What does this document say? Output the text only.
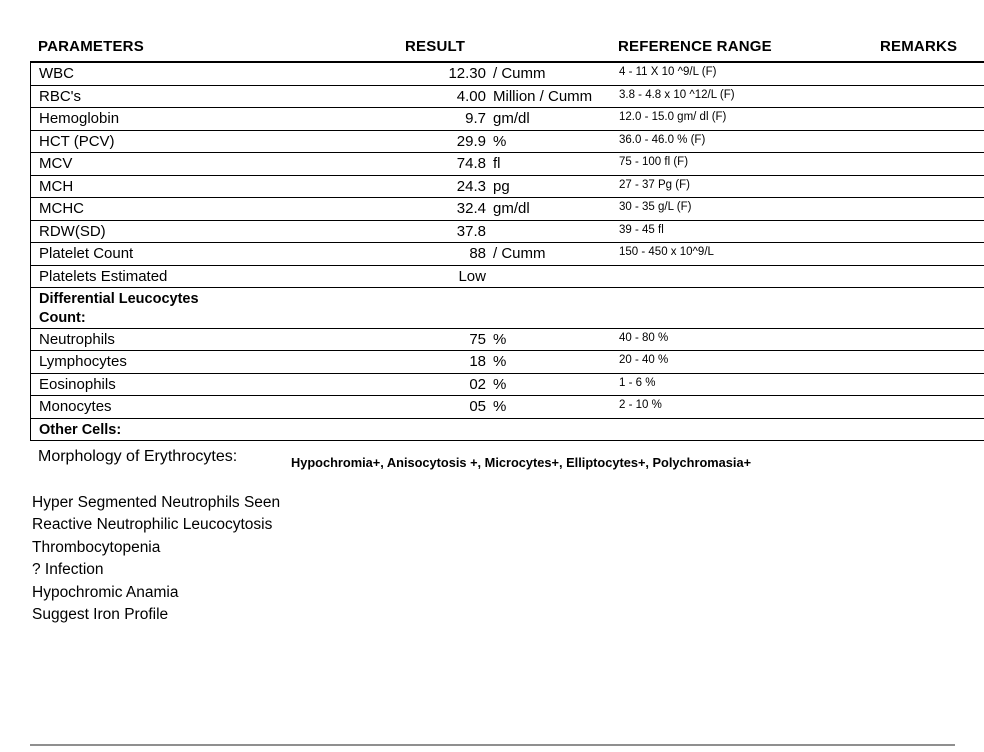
PARAMETERS	RESULT	REFERENCE RANGE	REMARKS
WBC	12.30 / Cumm	4 - 11 X 10 ^9/L (F)
RBC's	4.00 Million / Cumm	3.8 - 4.8 x 10 ^12/L (F)
Hemoglobin	9.7 gm/dl	12.0 - 15.0 gm/ dl (F)
HCT (PCV)	29.9 %	36.0 - 46.0 % (F)
MCV	74.8 fl	75 - 100 fl (F)
MCH	24.3 pg	27 - 37 Pg (F)
MCHC	32.4 gm/dl	30 - 35 g/L (F)
RDW(SD)	37.8	39 - 45 fl
Platelet Count	88 / Cumm	150 - 450 x 10^9/L
Platelets Estimated	Low
Differential Leucocytes Count:
Neutrophils	75 %	40 - 80 %
Lymphocytes	18 %	20 - 40 %
Eosinophils	02 %	1 - 6 %
Monocytes	05 %	2 - 10 %
Other Cells:
Morphology of Erythrocytes:	Hypochromia+, Anisocytosis +, Microcytes+, Elliptocytes+, Polychromasia+
Hyper Segmented Neutrophils Seen
Reactive Neutrophilic Leucocytosis
Thrombocytopenia
? Infection
Hypochromic Anamia
Suggest Iron Profile
